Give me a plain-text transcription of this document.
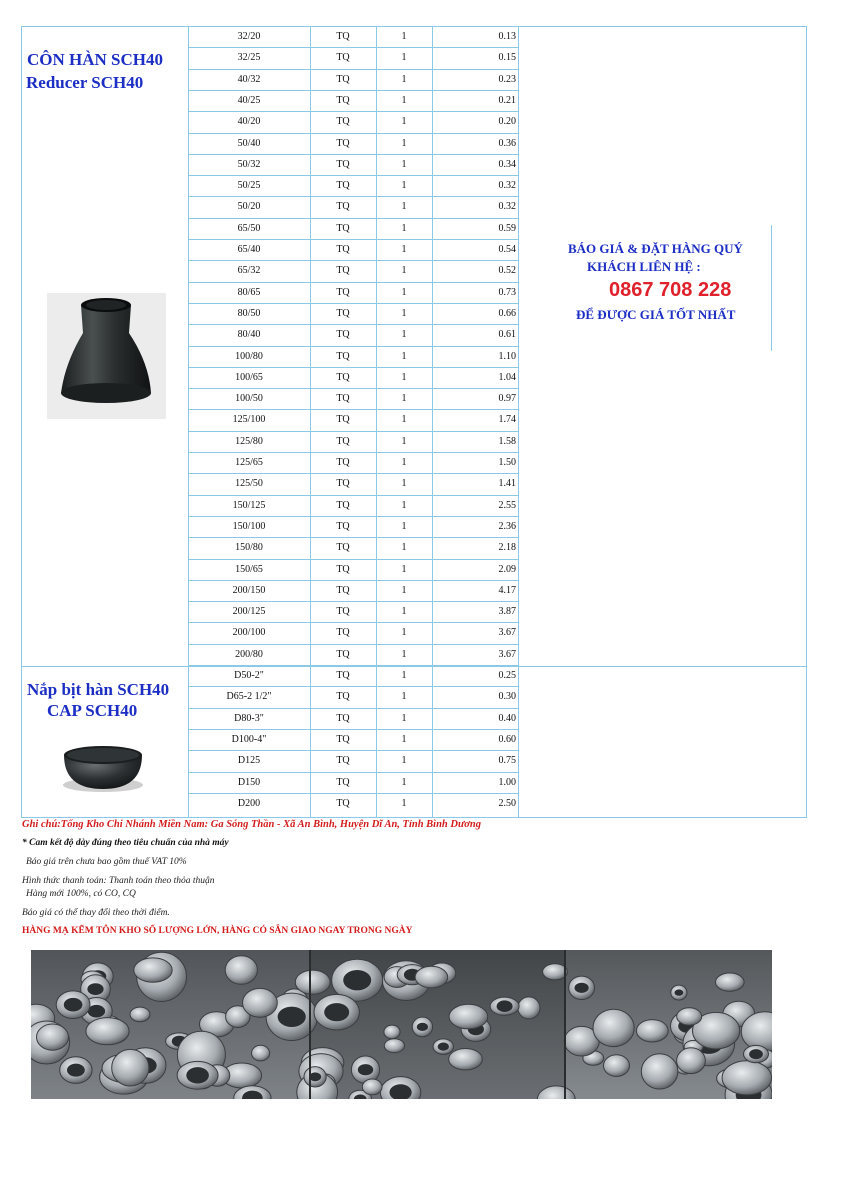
CÔN HÀN SCH40
Reducer SCH40
Nắp bịt hàn SCH40
CAP SCH40
32/20	TQ	1	0.13
32/25	TQ	1	0.15
40/32	TQ	1	0.23
40/25	TQ	1	0.21
40/20	TQ	1	0.20
50/40	TQ	1	0.36
50/32	TQ	1	0.34
50/25	TQ	1	0.32
50/20	TQ	1	0.32
65/50	TQ	1	0.59
65/40	TQ	1	0.54
65/32	TQ	1	0.52
80/65	TQ	1	0.73
80/50	TQ	1	0.66
80/40	TQ	1	0.61
100/80	TQ	1	1.10
100/65	TQ	1	1.04
100/50	TQ	1	0.97
125/100	TQ	1	1.74
125/80	TQ	1	1.58
125/65	TQ	1	1.50
125/50	TQ	1	1.41
150/125	TQ	1	2.55
150/100	TQ	1	2.36
150/80	TQ	1	2.18
150/65	TQ	1	2.09
200/150	TQ	1	4.17
200/125	TQ	1	3.87
200/100	TQ	1	3.67
200/80	TQ	1	3.67
D50-2"	TQ	1	0.25
D65-2 1/2"	TQ	1	0.30
D80-3"	TQ	1	0.40
D100-4"	TQ	1	0.60
D125	TQ	1	0.75
D150	TQ	1	1.00
D200	TQ	1	2.50
BÁO GIÁ & ĐẶT HÀNG QUÝ
KHÁCH LIÊN HỆ :
0867 708 228
ĐỂ ĐƯỢC GIÁ TỐT NHẤT
Ghi chú:Tổng Kho Chi Nhánh Miền Nam: Ga Sóng Thần - Xã An Bình, Huyện Dĩ An, Tỉnh Bình Dương
* Cam kết độ dày đúng theo tiêu chuẩn của nhà máy
Báo giá trên chưa bao gồm thuế VAT 10%
Hình thức thanh toán: Thanh toán theo thỏa thuận
Hàng mới 100%, có CO, CQ
Báo giá có thể thay đổi theo thời điểm.
HÀNG MẠ KẼM TÔN KHO SỐ LƯỢNG LỚN, HÀNG CÓ SẴN GIAO NGAY TRONG NGÀY
